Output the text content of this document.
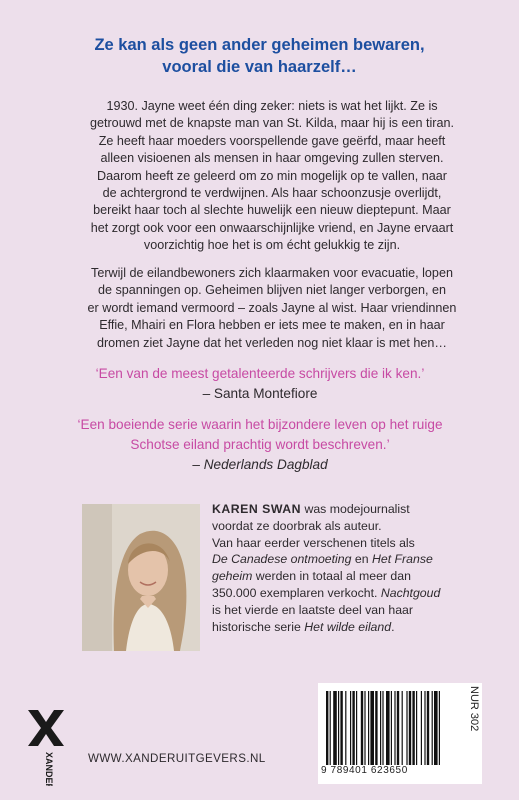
Ze kan als geen ander geheimen bewaren,
vooral die van haarzelf…
1930. Jayne weet één ding zeker: niets is wat het lijkt. Ze is
getrouwd met de knapste man van St. Kilda, maar hij is een tiran.
Ze heeft haar moeders voorspellende gave geërfd, maar heeft
alleen visioenen als mensen in haar omgeving zullen sterven.
Daarom heeft ze geleerd om zo min mogelijk op te vallen, naar
de achtergrond te verdwijnen. Als haar schoonzusje overlijdt,
bereikt haar toch al slechte huwelijk een nieuw dieptepunt. Maar
het zorgt ook voor een onwaarschijnlijke vriend, en Jayne ervaart
voorzichtig hoe het is om écht gelukkig te zijn.
Terwijl de eilandbewoners zich klaarmaken voor evacuatie, lopen
de spanningen op. Geheimen blijven niet langer verborgen, en
er wordt iemand vermoord – zoals Jayne al wist. Haar vriendinnen
Effie, Mhairi en Flora hebben er iets mee te maken, en in haar
dromen ziet Jayne dat het verleden nog niet klaar is met hen…
‘Een van de meest getalenteerde schrijvers die ik ken.’
– Santa Montefiore
‘Een boeiende serie waarin het bijzondere leven op het ruige
Schotse eiland prachtig wordt beschreven.’
– Nederlands Dagblad
KAREN SWAN was modejournalist
voordat ze doorbrak als auteur.
Van haar eerder verschenen titels als
De Canadese ontmoeting en Het Franse
geheim werden in totaal al meer dan
350.000 exemplaren verkocht. Nachtgoud
is het vierde en laatste deel van haar
historische serie Het wilde eiland.
9 789401 623650
NUR 302
XANDER	WWW.XANDERUITGEVERS.NL
